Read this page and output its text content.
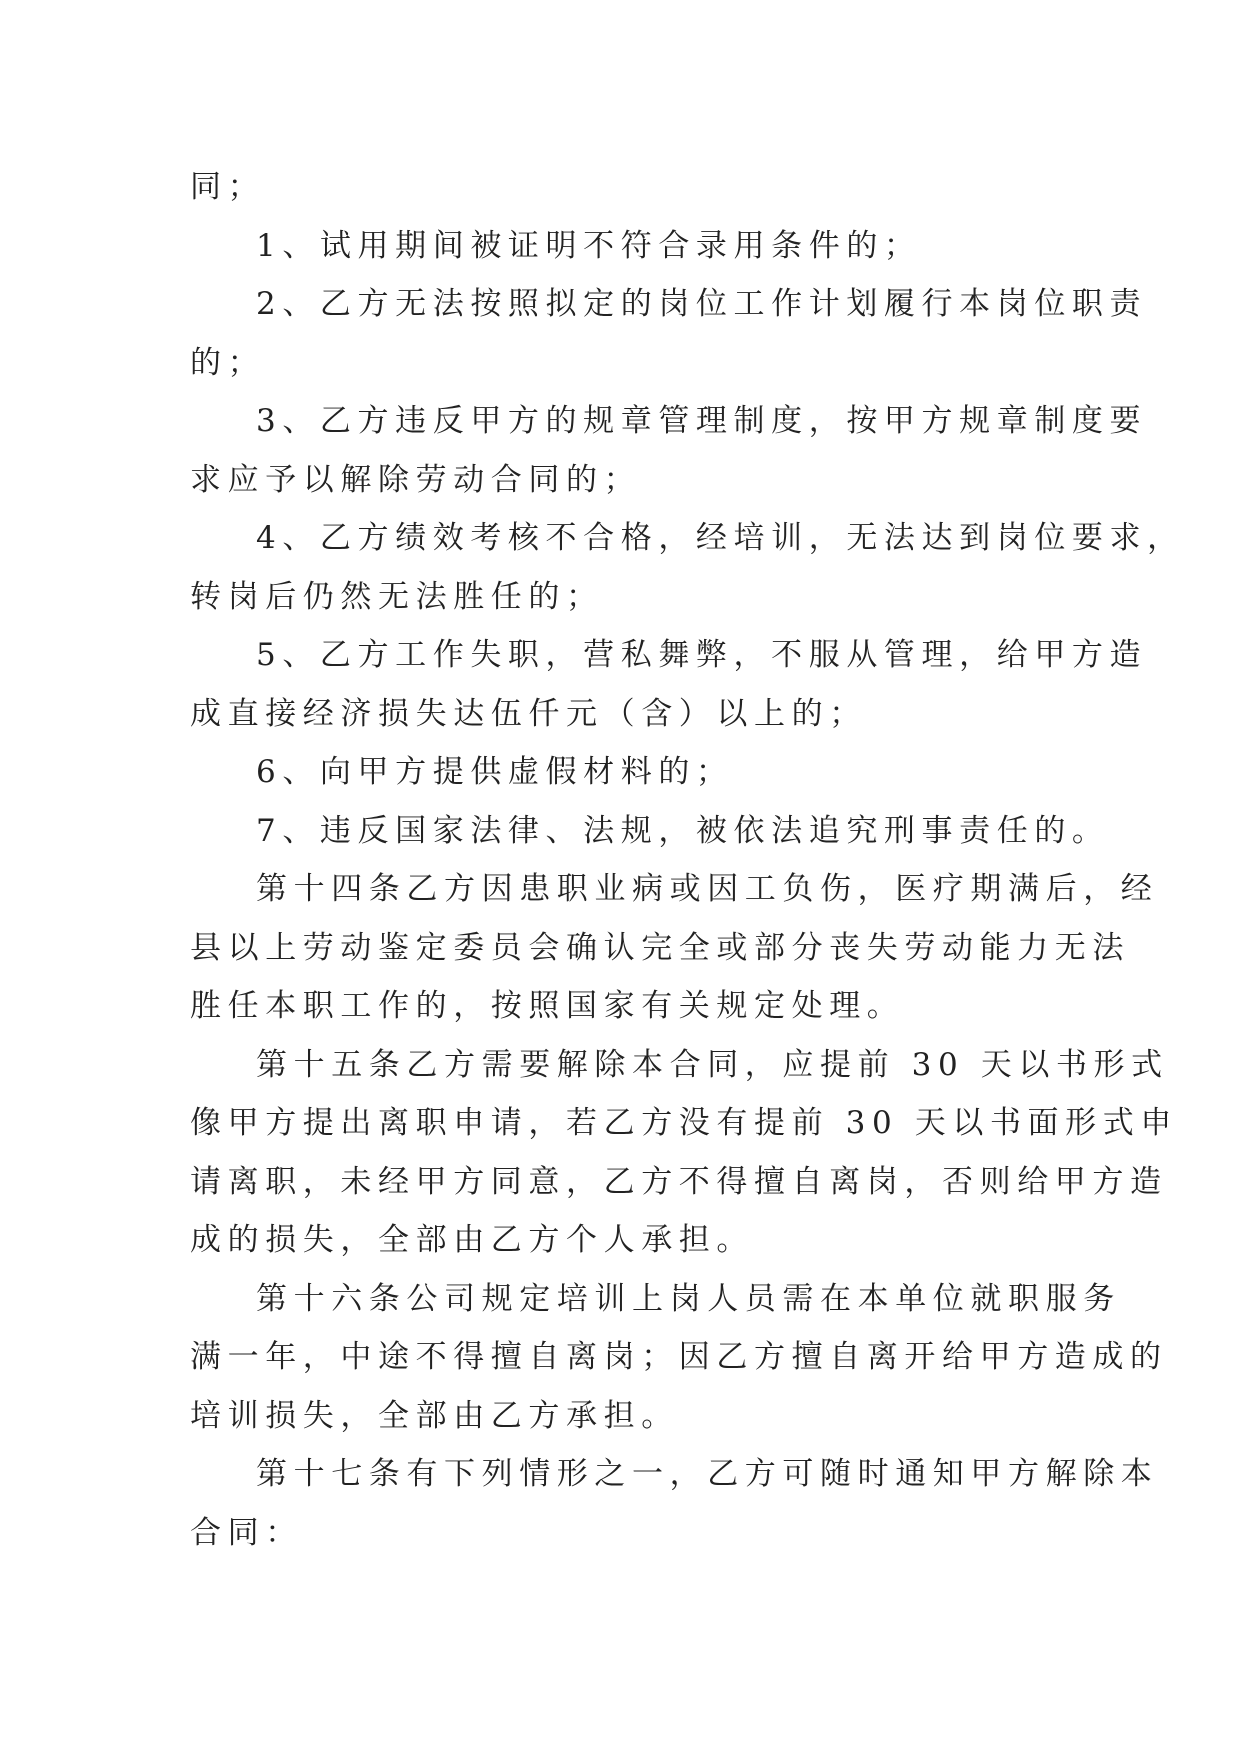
同；
1、试用期间被证明不符合录用条件的；
2、乙方无法按照拟定的岗位工作计划履行本岗位职责
的；
3、乙方违反甲方的规章管理制度，按甲方规章制度要
求应予以解除劳动合同的；
4、乙方绩效考核不合格，经培训，无法达到岗位要求，
转岗后仍然无法胜任的；
5、乙方工作失职，营私舞弊，不服从管理，给甲方造
成直接经济损失达伍仟元（含）以上的；
6、向甲方提供虚假材料的；
7、违反国家法律、法规，被依法追究刑事责任的。
第十四条乙方因患职业病或因工负伤，医疗期满后，经
县以上劳动鉴定委员会确认完全或部分丧失劳动能力无法
胜任本职工作的，按照国家有关规定处理。
第十五条乙方需要解除本合同，应提前 30 天以书形式
像甲方提出离职申请，若乙方没有提前 30 天以书面形式申
请离职，未经甲方同意，乙方不得擅自离岗，否则给甲方造
成的损失，全部由乙方个人承担。
第十六条公司规定培训上岗人员需在本单位就职服务
满一年，中途不得擅自离岗；因乙方擅自离开给甲方造成的
培训损失，全部由乙方承担。
第十七条有下列情形之一，乙方可随时通知甲方解除本
合同：
